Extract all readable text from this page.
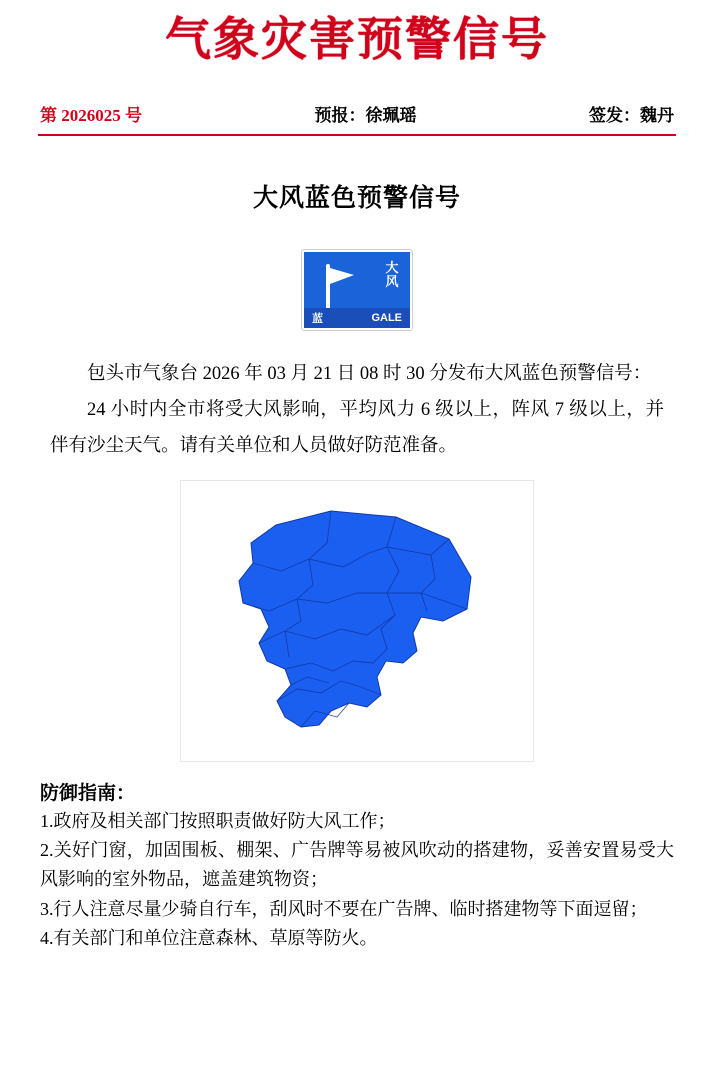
气象灾害预警信号
第 2026025 号	预报：徐珮瑶	签发：魏丹
大风蓝色预警信号
大
风
蓝	GALE

包头市气象台 2026 年 03 月 21 日 08 时 30 分发布大风蓝色预警信号：

24 小时内全市将受大风影响，平均风力 6 级以上，阵风 7 级以上，并伴有沙尘天气。请有关单位和人员做好防范准备。

防御指南：
1.政府及相关部门按照职责做好防大风工作；
2.关好门窗，加固围板、棚架、广告牌等易被风吹动的搭建物，妥善安置易受大风影响的室外物品，遮盖建筑物资；
3.行人注意尽量少骑自行车，刮风时不要在广告牌、临时搭建物等下面逗留；
4.有关部门和单位注意森林、草原等防火。
